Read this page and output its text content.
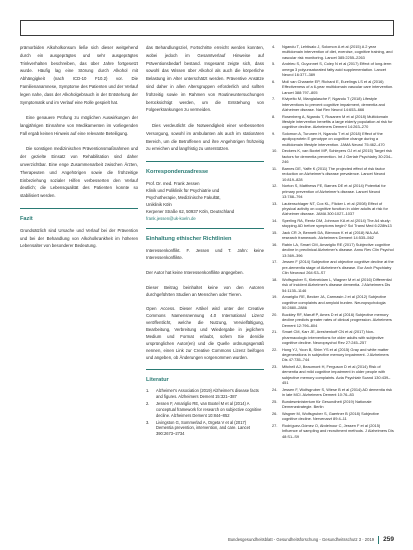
prämorbiden Alkoholkonsum ließe sich dieser weitgehend durch ein ausgeprägtes und sehr ausgeprägtes Trinkverhalten beschreiben, das über Jahre fortgesetzt wurde. Häufig lag eine Störung durch Alkohol mit Abhängigkeit (nach ICD-10 F10.2) vor. Die Familienanamnese, Symptome des Patienten und der Verlauf legen nahe, dass der Alkoholgebrauch in der Entstehung der Symptomatik und im Verlauf eine Rolle gespielt hat.

Eine genauere Prüfung zu möglichen Auswirkungen der langjährigen Einnahme von Medikamenten im vorliegenden Fall ergab keinen Hinweis auf eine relevante Beteiligung.

Die sonstigen medizinischen Präventionsmaßnahmen und der gezielte Einsatz von Rehabilitation sind daher unverzichtbar. Eine enge Zusammenarbeit zwischen Ärzten, Therapeuten und Angehörigen sowie die frühzeitige Einbeziehung sozialer Hilfen verbesserten den Verlauf deutlich; die Lebensqualität des Patienten konnte so stabilisiert werden.

Fazit

Grundsätzlich sind Ursache und Verlauf bei der Prävention und bei der Behandlung von Alkoholkrankheit im höheren Lebensalter von besonderer Bedeutung.

das Behandlungsziel, Fortschritte erreicht werden konnten, wobei jedoch im Gesamtverlauf Hinweise auf Präventionsbedarf bestand. Insgesamt zeigte sich, dass sowohl das Wissen über Alkohol als auch die körperliche Belastung im Alter unterschätzt werden. Präventive Ansätze sind daher in allen Altersgruppen erforderlich und sollten frühzeitig sowie im Rahmen von Routineuntersuchungen berücksichtigt werden, um die Entstehung von Folgeerkrankungen zu vermeiden.

Dies verdeutlicht die Notwendigkeit einer verbesserten Versorgung, sowohl im ambulanten als auch im stationären Bereich, um die Betroffenen und ihre Angehörigen frühzeitig zu erreichen und langfristig zu unterstützen.

Korrespondenzadresse
Prof. Dr. med. Frank Jessen
Klinik und Poliklinik für Psychiatrie und
Psychotherapie, Medizinische Fakultät,
Uniklinik Köln
Kerpener Straße 62, 50937 Köln, Deutschland
frank.jessen@uk-koeln.de
Einhaltung ethischer Richtlinien

Interessenkonflikt. F. Jessen und T. Jahn: keine Interessenkonflikte.

Der Autor hat keine Interessenkonflikte angegeben.

Dieser Beitrag beinhaltet keine von den Autoren durchgeführten Studien an Menschen oder Tieren.

Open Access. Dieser Artikel wird unter der Creative Commons Namensnennung 4.0 International Lizenz veröffentlicht, welche die Nutzung, Vervielfältigung, Bearbeitung, Verbreitung und Wiedergabe in jeglichem Medium und Format erlaubt, sofern Sie den/die ursprünglichen Autor(en) und die Quelle ordnungsgemäß nennen, einen Link zur Creative Commons Lizenz beifügen und angeben, ob Änderungen vorgenommen wurden.

Literatur
1.	Alzheimer's Association (2019) Alzheimer's disease facts and figures. Alzheimers Dement 15:321–387
2.	Jessen F, Amariglio RE, van Boxtel M et al (2014) A conceptual framework for research on subjective cognitive decline. Alzheimers Dement 10:844–852
3.	Livingston G, Sommerlad A, Orgeta V et al (2017) Dementia prevention, intervention, and care. Lancet 390:2673–2734
4.	Ngandu T, Lehtisalo J, Solomon A et al (2015) A 2 year multidomain intervention of diet, exercise, cognitive training, and vascular risk monitoring. Lancet 385:2255–2263
5.	Andrieu S, Guyonnet S, Coley N et al (2017) Effect of long-term omega 3 polyunsaturated fatty acid supplementation. Lancet Neurol 16:377–389
6.	Moll van Charante EP, Richard E, Eurelings LS et al (2016) Effectiveness of a 6-year multidomain vascular care intervention. Lancet 388:797–805
7.	Kivipelto M, Mangialasche F, Ngandu T (2018) Lifestyle interventions to prevent cognitive impairment, dementia and Alzheimer disease. Nat Rev Neurol 14:653–666
8.	Rosenberg A, Ngandu T, Rusanen M et al (2018) Multidomain lifestyle intervention benefits a large elderly population at risk for cognitive decline. Alzheimers Dement 14:263–270
9.	Solomon A, Turunen H, Ngandu T et al (2018) Effect of the apolipoprotein E genotype on cognitive change during a multidomain lifestyle intervention. JAMA Neurol 75:462–470
10.	Deckers K, van Boxtel MP, Schiepers OJ et al (2015) Target risk factors for dementia prevention. Int J Geriatr Psychiatry 30:234–246
11.	Barnes DE, Yaffe K (2011) The projected effect of risk factor reduction on Alzheimer's disease prevalence. Lancet Neurol 10:819–828
12.	Norton S, Matthews FE, Barnes DE et al (2014) Potential for primary prevention of Alzheimer's disease. Lancet Neurol 13:788–794
13.	Lautenschlager NT, Cox KL, Flicker L et al (2008) Effect of physical activity on cognitive function in older adults at risk for Alzheimer disease. JAMA 300:1027–1037
14.	Sperling RA, Rentz DM, Johnson KA et al (2014) The A4 study: stopping AD before symptoms begin? Sci Transl Med 6:228fs13
15.	Jack CR Jr, Bennett DA, Blennow K et al (2018) NIA-AA research framework. Alzheimers Dement 14:535–562
16.	Rabin LA, Smart CM, Amariglio RE (2017) Subjective cognitive decline in preclinical Alzheimer's disease. Annu Rev Clin Psychol 13:369–396
17.	Jessen F (2014) Subjective and objective cognitive decline at the pre-dementia stage of Alzheimer's disease. Eur Arch Psychiatry Clin Neurosci 264:S3–S7
18.	Wolfsgruber S, Kleineidam L, Wagner M et al (2016) Differential risk of incident Alzheimer's disease dementia. J Alzheimers Dis 54:1135–1146
19.	Amariglio RE, Becker JA, Carmasin J et al (2012) Subjective cognitive complaints and amyloid burden. Neuropsychologia 50:2880–2886
20.	Buckley RF, Maruff P, Ames D et al (2016) Subjective memory decline predicts greater rates of clinical progression. Alzheimers Dement 12:796–804
21.	Smart CM, Karr JE, Areshenkoff CN et al (2017) Non-pharmacologic interventions for older adults with subjective cognitive decline. Neuropsychol Rev 27:245–257
22.	Hong YJ, Yoon B, Shim YS et al (2015) Gray and white matter degenerations in subjective memory impairment. J Alzheimers Dis 47:735–744
23.	Mitchell AJ, Beaumont H, Ferguson D et al (2014) Risk of dementia and mild cognitive impairment in older people with subjective memory complaints. Acta Psychiatr Scand 130:439–451
24.	Jessen F, Wolfsgruber S, Wiese B et al (2014) AD dementia risk in late MCI. Alzheimers Dement 10:76–83
25.	Bundesministerium für Gesundheit (2019) Nationale Demenzstrategie. Berlin
26.	Wagner M, Wolfsgruber S, Gaertner B (2018) Subjective cognitive decline. Nervenarzt 89:4–11
27.	Rodríguez-Gómez O, Abdelnour C, Jessen F et al (2015) Influence of sampling and recruitment methods. J Alzheimers Dis 48:S1–S9
Bundesgesundheitsblatt - Gesundheitsforschung - Gesundheitsschutz 3 · 2019	259
